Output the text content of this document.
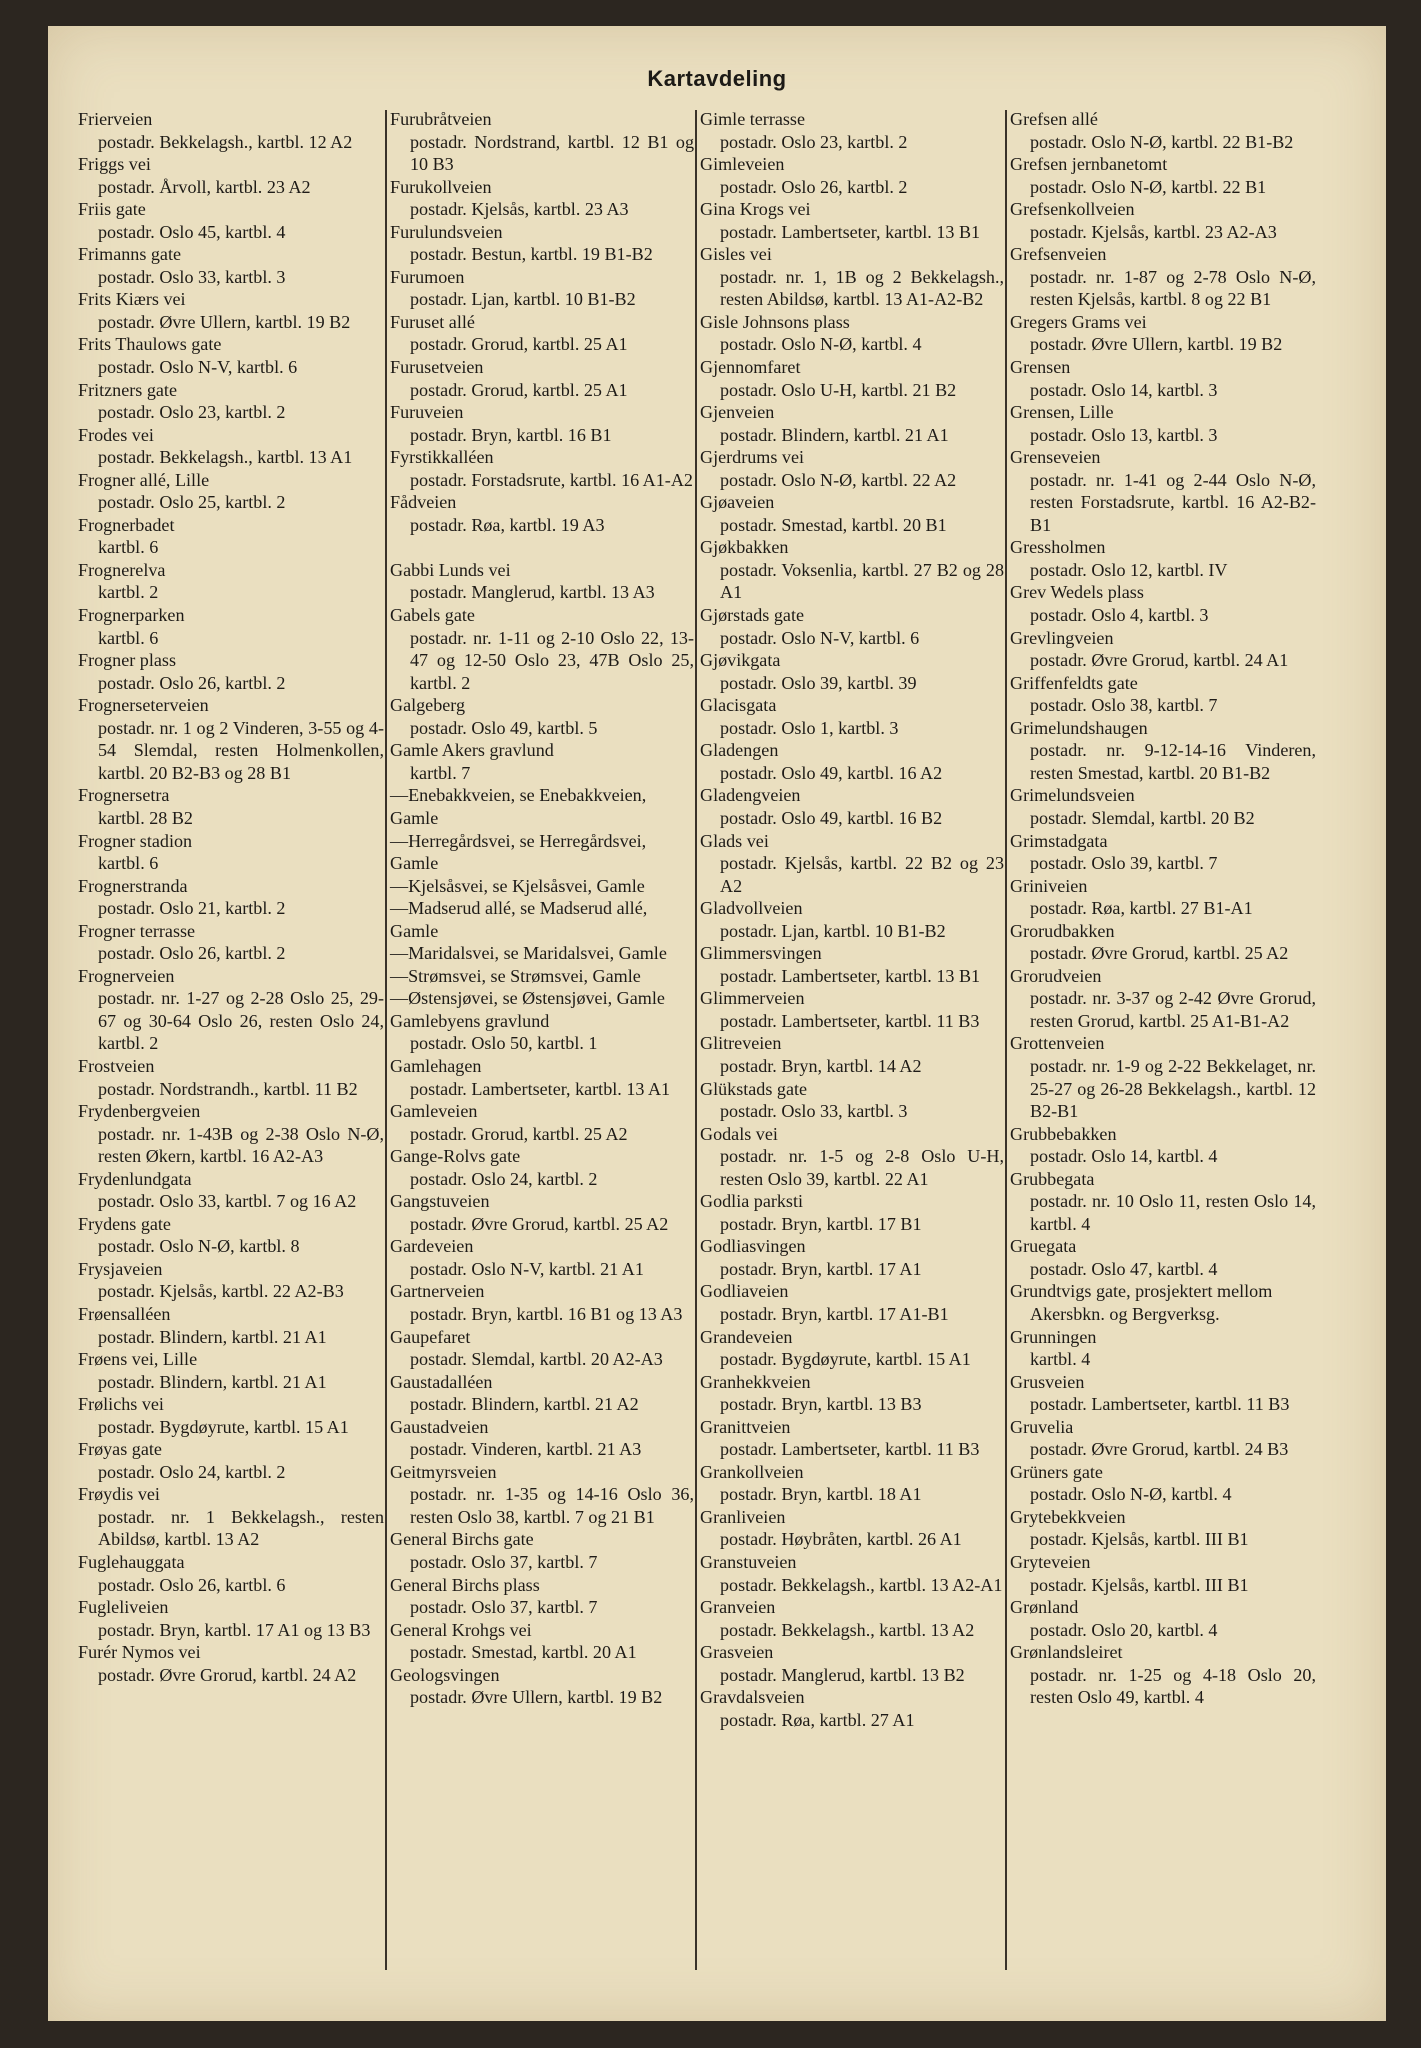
Kartavdeling
Frierveien
postadr. Bekkelagsh., kartbl. 12 A2
Friggs vei
postadr. Årvoll, kartbl. 23 A2
Friis gate
postadr. Oslo 45, kartbl. 4
Frimanns gate
postadr. Oslo 33, kartbl. 3
Frits Kiærs vei
postadr. Øvre Ullern, kartbl. 19 B2
Frits Thaulows gate
postadr. Oslo N-V, kartbl. 6
Fritzners gate
postadr. Oslo 23, kartbl. 2
Frodes vei
postadr. Bekkelagsh., kartbl. 13 A1
Frogner allé, Lille
postadr. Oslo 25, kartbl. 2
Frognerbadet
kartbl. 6
Frognerelva
kartbl. 2
Frognerparken
kartbl. 6
Frogner plass
postadr. Oslo 26, kartbl. 2
Frognerseterveien
postadr. nr. 1 og 2 Vinderen, 3-55 og 4-54 Slemdal, resten Holmenkollen, kartbl. 20 B2-B3 og 28 B1
Frognersetra
kartbl. 28 B2
Frogner stadion
kartbl. 6
Frognerstranda
postadr. Oslo 21, kartbl. 2
Frogner terrasse
postadr. Oslo 26, kartbl. 2
Frognerveien
postadr. nr. 1-27 og 2-28 Oslo 25, 29-67 og 30-64 Oslo 26, resten Oslo 24, kartbl. 2
Frostveien
postadr. Nordstrandh., kartbl. 11 B2
Frydenbergveien
postadr. nr. 1-43B og 2-38 Oslo N-Ø, resten Økern, kartbl. 16 A2-A3
Frydenlundgata
postadr. Oslo 33, kartbl. 7 og 16 A2
Frydens gate
postadr. Oslo N-Ø, kartbl. 8
Frysjaveien
postadr. Kjelsås, kartbl. 22 A2-B3
Frøensalléen
postadr. Blindern, kartbl. 21 A1
Frøens vei, Lille
postadr. Blindern, kartbl. 21 A1
Frølichs vei
postadr. Bygdøyrute, kartbl. 15 A1
Frøyas gate
postadr. Oslo 24, kartbl. 2
Frøydis vei
postadr. nr. 1 Bekkelagsh., resten Abildsø, kartbl. 13 A2
Fuglehauggata
postadr. Oslo 26, kartbl. 6
Fugleliveien
postadr. Bryn, kartbl. 17 A1 og 13 B3
Furér Nymos vei
postadr. Øvre Grorud, kartbl. 24 A2
Furubråtveien
postadr. Nordstrand, kartbl. 12 B1 og 10 B3
Furukollveien
postadr. Kjelsås, kartbl. 23 A3
Furulundsveien
postadr. Bestun, kartbl. 19 B1-B2
Furumoen
postadr. Ljan, kartbl. 10 B1-B2
Furuset allé
postadr. Grorud, kartbl. 25 A1
Furusetveien
postadr. Grorud, kartbl. 25 A1
Furuveien
postadr. Bryn, kartbl. 16 B1
Fyrstikkalléen
postadr. Forstadsrute, kartbl. 16 A1-A2
Fådveien
postadr. Røa, kartbl. 19 A3
Gabbi Lunds vei
postadr. Manglerud, kartbl. 13 A3
Gabels gate
postadr. nr. 1-11 og 2-10 Oslo 22, 13-47 og 12-50 Oslo 23, 47B Oslo 25, kartbl. 2
Galgeberg
postadr. Oslo 49, kartbl. 5
Gamle Akers gravlund
kartbl. 7
—Enebakkveien, se Enebakkveien, Gamle
—Herregårdsvei, se Herregårdsvei, Gamle
—Kjelsåsvei, se Kjelsåsvei, Gamle
—Madserud allé, se Madserud allé, Gamle
—Maridalsvei, se Maridalsvei, Gamle
—Strømsvei, se Strømsvei, Gamle
—Østensjøvei, se Østensjøvei, Gamle
Gamlebyens gravlund
postadr. Oslo 50, kartbl. 1
Gamlehagen
postadr. Lambertseter, kartbl. 13 A1
Gamleveien
postadr. Grorud, kartbl. 25 A2
Gange-Rolvs gate
postadr. Oslo 24, kartbl. 2
Gangstuveien
postadr. Øvre Grorud, kartbl. 25 A2
Gardeveien
postadr. Oslo N-V, kartbl. 21 A1
Gartnerveien
postadr. Bryn, kartbl. 16 B1 og 13 A3
Gaupefaret
postadr. Slemdal, kartbl. 20 A2-A3
Gaustadalléen
postadr. Blindern, kartbl. 21 A2
Gaustadveien
postadr. Vinderen, kartbl. 21 A3
Geitmyrsveien
postadr. nr. 1-35 og 14-16 Oslo 36, resten Oslo 38, kartbl. 7 og 21 B1
General Birchs gate
postadr. Oslo 37, kartbl. 7
General Birchs plass
postadr. Oslo 37, kartbl. 7
General Krohgs vei
postadr. Smestad, kartbl. 20 A1
Geologsvingen
postadr. Øvre Ullern, kartbl. 19 B2
Gimle terrasse
postadr. Oslo 23, kartbl. 2
Gimleveien
postadr. Oslo 26, kartbl. 2
Gina Krogs vei
postadr. Lambertseter, kartbl. 13 B1
Gisles vei
postadr. nr. 1, 1B og 2 Bekkelagsh., resten Abildsø, kartbl. 13 A1-A2-B2
Gisle Johnsons plass
postadr. Oslo N-Ø, kartbl. 4
Gjennomfaret
postadr. Oslo U-H, kartbl. 21 B2
Gjenveien
postadr. Blindern, kartbl. 21 A1
Gjerdrums vei
postadr. Oslo N-Ø, kartbl. 22 A2
Gjøaveien
postadr. Smestad, kartbl. 20 B1
Gjøkbakken
postadr. Voksenlia, kartbl. 27 B2 og 28 A1
Gjørstads gate
postadr. Oslo N-V, kartbl. 6
Gjøvikgata
postadr. Oslo 39, kartbl. 39
Glacisgata
postadr. Oslo 1, kartbl. 3
Gladengen
postadr. Oslo 49, kartbl. 16 A2
Gladengveien
postadr. Oslo 49, kartbl. 16 B2
Glads vei
postadr. Kjelsås, kartbl. 22 B2 og 23 A2
Gladvollveien
postadr. Ljan, kartbl. 10 B1-B2
Glimmersvingen
postadr. Lambertseter, kartbl. 13 B1
Glimmerveien
postadr. Lambertseter, kartbl. 11 B3
Glitreveien
postadr. Bryn, kartbl. 14 A2
Glükstads gate
postadr. Oslo 33, kartbl. 3
Godals vei
postadr. nr. 1-5 og 2-8 Oslo U-H, resten Oslo 39, kartbl. 22 A1
Godlia parksti
postadr. Bryn, kartbl. 17 B1
Godliasvingen
postadr. Bryn, kartbl. 17 A1
Godliaveien
postadr. Bryn, kartbl. 17 A1-B1
Grandeveien
postadr. Bygdøyrute, kartbl. 15 A1
Granhekkveien
postadr. Bryn, kartbl. 13 B3
Granittveien
postadr. Lambertseter, kartbl. 11 B3
Grankollveien
postadr. Bryn, kartbl. 18 A1
Granliveien
postadr. Høybråten, kartbl. 26 A1
Granstuveien
postadr. Bekkelagsh., kartbl. 13 A2-A1
Granveien
postadr. Bekkelagsh., kartbl. 13 A2
Grasveien
postadr. Manglerud, kartbl. 13 B2
Gravdalsveien
postadr. Røa, kartbl. 27 A1
Grefsen allé
postadr. Oslo N-Ø, kartbl. 22 B1-B2
Grefsen jernbanetomt
postadr. Oslo N-Ø, kartbl. 22 B1
Grefsenkollveien
postadr. Kjelsås, kartbl. 23 A2-A3
Grefsenveien
postadr. nr. 1-87 og 2-78 Oslo N-Ø, resten Kjelsås, kartbl. 8 og 22 B1
Gregers Grams vei
postadr. Øvre Ullern, kartbl. 19 B2
Grensen
postadr. Oslo 14, kartbl. 3
Grensen, Lille
postadr. Oslo 13, kartbl. 3
Grenseveien
postadr. nr. 1-41 og 2-44 Oslo N-Ø, resten Forstadsrute, kartbl. 16 A2-B2-B1
Gressholmen
postadr. Oslo 12, kartbl. IV
Grev Wedels plass
postadr. Oslo 4, kartbl. 3
Grevlingveien
postadr. Øvre Grorud, kartbl. 24 A1
Griffenfeldts gate
postadr. Oslo 38, kartbl. 7
Grimelundshaugen
postadr. nr. 9-12-14-16 Vinderen, resten Smestad, kartbl. 20 B1-B2
Grimelundsveien
postadr. Slemdal, kartbl. 20 B2
Grimstadgata
postadr. Oslo 39, kartbl. 7
Griniveien
postadr. Røa, kartbl. 27 B1-A1
Grorudbakken
postadr. Øvre Grorud, kartbl. 25 A2
Grorudveien
postadr. nr. 3-37 og 2-42 Øvre Grorud, resten Grorud, kartbl. 25 A1-B1-A2
Grottenveien
postadr. nr. 1-9 og 2-22 Bekkelaget, nr. 25-27 og 26-28 Bekkelagsh., kartbl. 12 B2-B1
Grubbebakken
postadr. Oslo 14, kartbl. 4
Grubbegata
postadr. nr. 10 Oslo 11, resten Oslo 14, kartbl. 4
Gruegata
postadr. Oslo 47, kartbl. 4
Grundtvigs gate, prosjektert mellom
Akersbkn. og Bergverksg.
Grunningen
kartbl. 4
Grusveien
postadr. Lambertseter, kartbl. 11 B3
Gruvelia
postadr. Øvre Grorud, kartbl. 24 B3
Grüners gate
postadr. Oslo N-Ø, kartbl. 4
Grytebekkveien
postadr. Kjelsås, kartbl. III B1
Gryteveien
postadr. Kjelsås, kartbl. III B1
Grønland
postadr. Oslo 20, kartbl. 4
Grønlandsleiret
postadr. nr. 1-25 og 4-18 Oslo 20, resten Oslo 49, kartbl. 4
